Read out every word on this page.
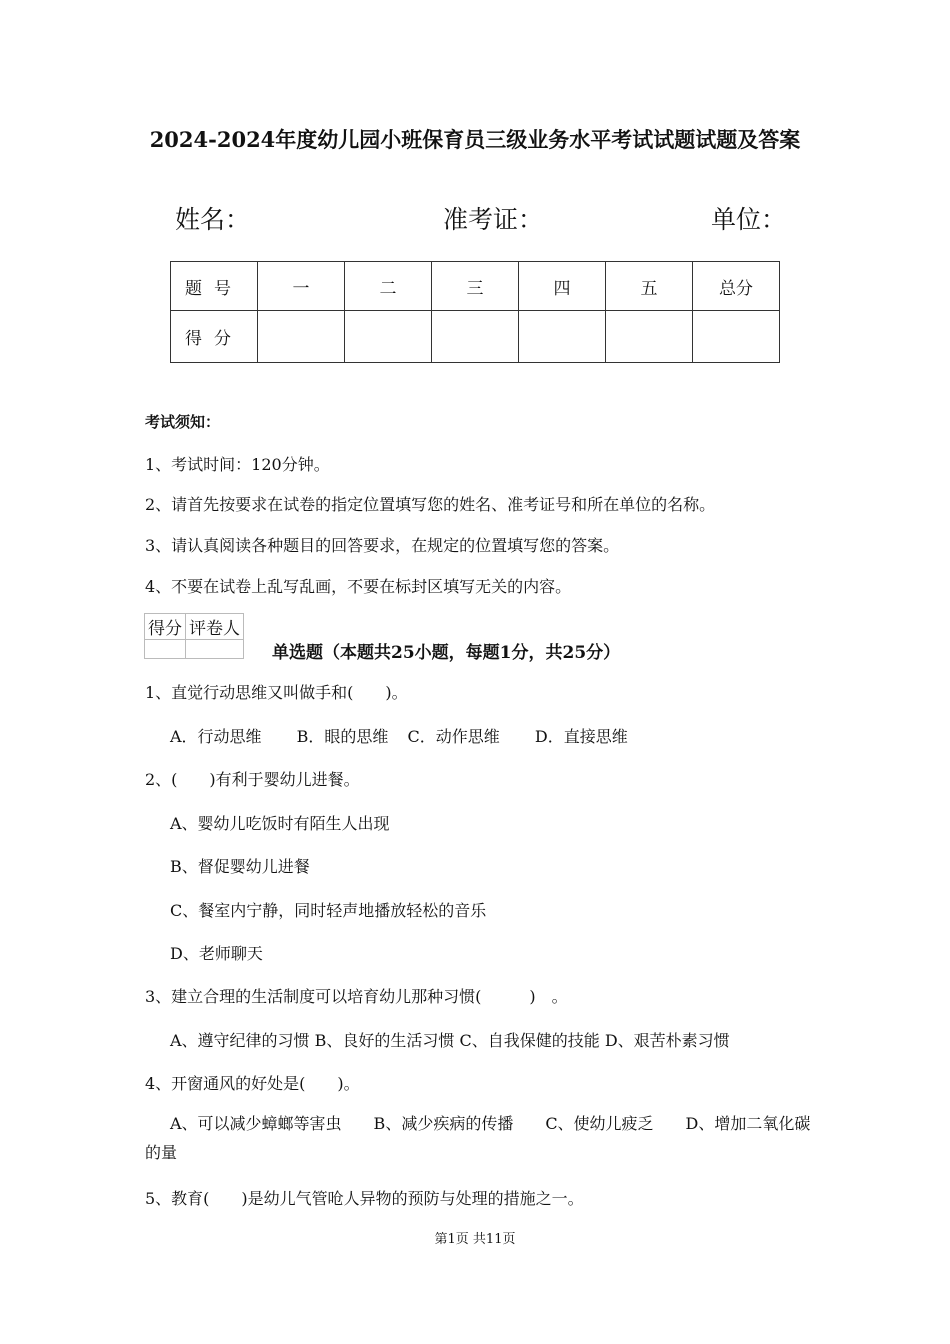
2024-2024年度幼儿园小班保育员三级业务水平考试试题试题及答案
姓名：	准考证：	单位：
题号	一	二	三	四	五	总分
得分						
考试须知：
1、考试时间：120分钟。
2、请首先按要求在试卷的指定位置填写您的姓名、准考证号和所在单位的名称。
3、请认真阅读各种题目的回答要求，在规定的位置填写您的答案。
4、不要在试卷上乱写乱画，不要在标封区填写无关的内容。
得分	评卷人

单选题（本题共25小题，每题1分，共25分）
1、直觉行动思维又叫做手和(　　)。
A．行动思维 B．眼的思维 C．动作思维 D．直接思维
2、(　　)有利于婴幼儿进餐。
A、婴幼儿吃饭时有陌生人出现
B、督促婴幼儿进餐
C、餐室内宁静，同时轻声地播放轻松的音乐
D、老师聊天
3、建立合理的生活制度可以培育幼儿那种习惯(　　　)　。
A、遵守纪律的习惯 B、良好的生活习惯 C、自我保健的技能 D、艰苦朴素习惯
4、开窗通风的好处是(　　)。
A、可以减少蟑螂等害虫　　B、减少疾病的传播　　C、使幼儿疲乏　　D、增加二氧化碳的量
5、教育(　　)是幼儿气管呛人异物的预防与处理的措施之一。
第1页 共11页
